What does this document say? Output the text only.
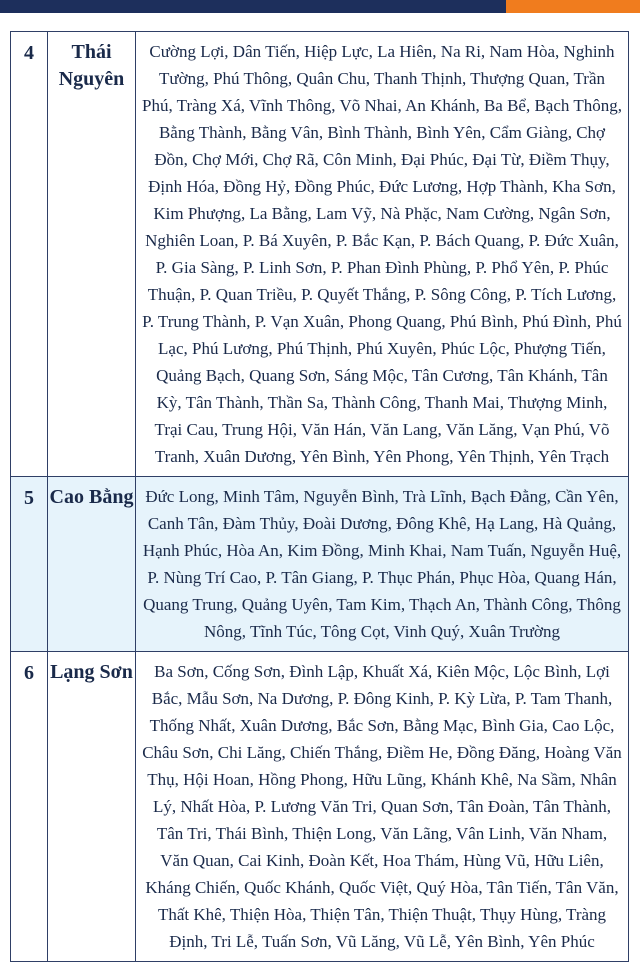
4	Thái Nguyên	Cường Lợi, Dân Tiến, Hiệp Lực, La Hiên, Na Ri, Nam Hòa, Nghinh Tường, Phú Thông, Quân Chu, Thanh Thịnh, Thượng Quan, Trần Phú, Tràng Xá, Vĩnh Thông, Võ Nhai, An Khánh, Ba Bể, Bạch Thông, Bằng Thành, Bằng Vân, Bình Thành, Bình Yên, Cẩm Giàng, Chợ Đồn, Chợ Mới, Chợ Rã, Côn Minh, Đại Phúc, Đại Từ, Điềm Thụy, Định Hóa, Đồng Hỷ, Đồng Phúc, Đức Lương, Hợp Thành, Kha Sơn, Kim Phượng, La Bằng, Lam Vỹ, Nà Phặc, Nam Cường, Ngân Sơn, Nghiên Loan, P. Bá Xuyên, P. Bắc Kạn, P. Bách Quang, P. Đức Xuân, P. Gia Sàng, P. Linh Sơn, P. Phan Đình Phùng, P. Phổ Yên, P. Phúc Thuận, P. Quan Triều, P. Quyết Thắng, P. Sông Công, P. Tích Lương, P. Trung Thành, P. Vạn Xuân, Phong Quang, Phú Bình, Phú Đình, Phú Lạc, Phú Lương, Phú Thịnh, Phú Xuyên, Phúc Lộc, Phượng Tiến, Quảng Bạch, Quang Sơn, Sáng Mộc, Tân Cương, Tân Khánh, Tân Kỳ, Tân Thành, Thần Sa, Thành Công, Thanh Mai, Thượng Minh, Trại Cau, Trung Hội, Văn Hán, Văn Lang, Văn Lăng, Vạn Phú, Võ Tranh, Xuân Dương, Yên Bình, Yên Phong, Yên Thịnh, Yên Trạch
5	Cao Bằng	Đức Long, Minh Tâm, Nguyễn Bình, Trà Lĩnh, Bạch Đằng, Cần Yên, Canh Tân, Đàm Thủy, Đoài Dương, Đông Khê, Hạ Lang, Hà Quảng, Hạnh Phúc, Hòa An, Kim Đồng, Minh Khai, Nam Tuấn, Nguyễn Huệ, P. Nùng Trí Cao, P. Tân Giang, P. Thục Phán, Phục Hòa, Quang Hán, Quang Trung, Quảng Uyên, Tam Kim, Thạch An, Thành Công, Thông Nông, Tĩnh Túc, Tông Cọt, Vinh Quý, Xuân Trường
6	Lạng Sơn	Ba Sơn, Cống Sơn, Đình Lập, Khuất Xá, Kiên Mộc, Lộc Bình, Lợi Bắc, Mẫu Sơn, Na Dương, P. Đông Kinh, P. Kỳ Lừa, P. Tam Thanh, Thống Nhất, Xuân Dương, Bắc Sơn, Bằng Mạc, Bình Gia, Cao Lộc, Châu Sơn, Chi Lăng, Chiến Thắng, Điềm He, Đồng Đăng, Hoàng Văn Thụ, Hội Hoan, Hồng Phong, Hữu Lũng, Khánh Khê, Na Sầm, Nhân Lý, Nhất Hòa, P. Lương Văn Tri, Quan Sơn, Tân Đoàn, Tân Thành, Tân Tri, Thái Bình, Thiện Long, Văn Lãng, Vân Linh, Văn Nham, Văn Quan, Cai Kinh, Đoàn Kết, Hoa Thám, Hùng Vũ, Hữu Liên, Kháng Chiến, Quốc Khánh, Quốc Việt, Quý Hòa, Tân Tiến, Tân Văn, Thất Khê, Thiện Hòa, Thiện Tân, Thiện Thuật, Thụy Hùng, Tràng Định, Tri Lễ, Tuấn Sơn, Vũ Lăng, Vũ Lễ, Yên Bình, Yên Phúc
